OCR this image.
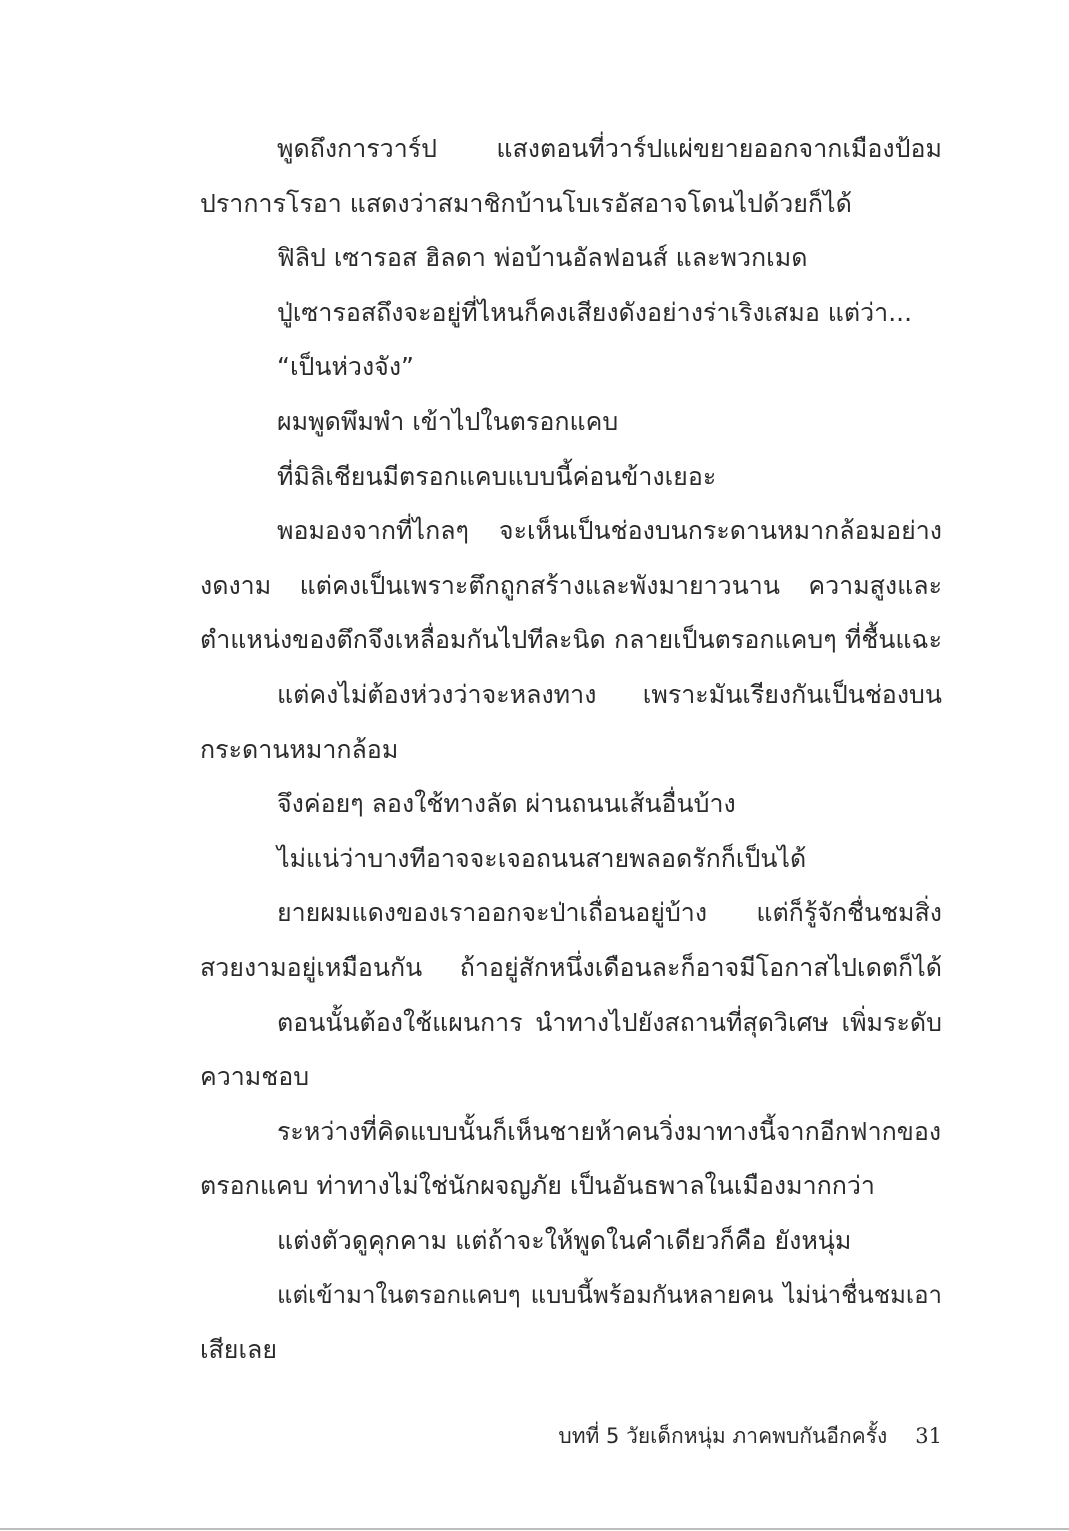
พูดถึงการวาร์ป แสงตอนที่วาร์ปแผ่ขยายออกจากเมืองป้อม
ปราการโรอา แสดงว่าสมาชิกบ้านโบเรอัสอาจโดนไปด้วยก็ได้
ฟิลิป เซารอส ฮิลดา พ่อบ้านอัลฟอนส์ และพวกเมด
ปู่เซารอสถึงจะอยู่ที่ไหนก็คงเสียงดังอย่างร่าเริงเสมอ แต่ว่า...
“เป็นห่วงจัง”
ผมพูดพึมพำ เข้าไปในตรอกแคบ
ที่มิลิเชียนมีตรอกแคบแบบนี้ค่อนข้างเยอะ
พอมองจากที่ไกลๆ จะเห็นเป็นช่องบนกระดานหมากล้อมอย่าง
งดงาม แต่คงเป็นเพราะตึกถูกสร้างและพังมายาวนาน ความสูงและ
ตำแหน่งของตึกจึงเหลื่อมกันไปทีละนิด กลายเป็นตรอกแคบๆ ที่ชื้นแฉะ
แต่คงไม่ต้องห่วงว่าจะหลงทาง เพราะมันเรียงกันเป็นช่องบน
กระดานหมากล้อม
จึงค่อยๆ ลองใช้ทางลัด ผ่านถนนเส้นอื่นบ้าง
ไม่แน่ว่าบางทีอาจจะเจอถนนสายพลอดรักก็เป็นได้
ยายผมแดงของเราออกจะป่าเถื่อนอยู่บ้าง แต่ก็รู้จักชื่นชมสิ่ง
สวยงามอยู่เหมือนกัน ถ้าอยู่สักหนึ่งเดือนละก็อาจมีโอกาสไปเดตก็ได้
ตอนนั้นต้องใช้แผนการ นำทางไปยังสถานที่สุดวิเศษ เพิ่มระดับ
ความชอบ
ระหว่างที่คิดแบบนั้นก็เห็นชายห้าคนวิ่งมาทางนี้จากอีกฟากของ
ตรอกแคบ ท่าทางไม่ใช่นักผจญภัย เป็นอันธพาลในเมืองมากกว่า
แต่งตัวดูคุกคาม แต่ถ้าจะให้พูดในคำเดียวก็คือ ยังหนุ่ม
แต่เข้ามาในตรอกแคบๆ แบบนี้พร้อมกันหลายคน ไม่น่าชื่นชมเอา
เสียเลย
บทที่ 5 วัยเด็กหนุ่ม ภาคพบกันอีกครั้ง 31
